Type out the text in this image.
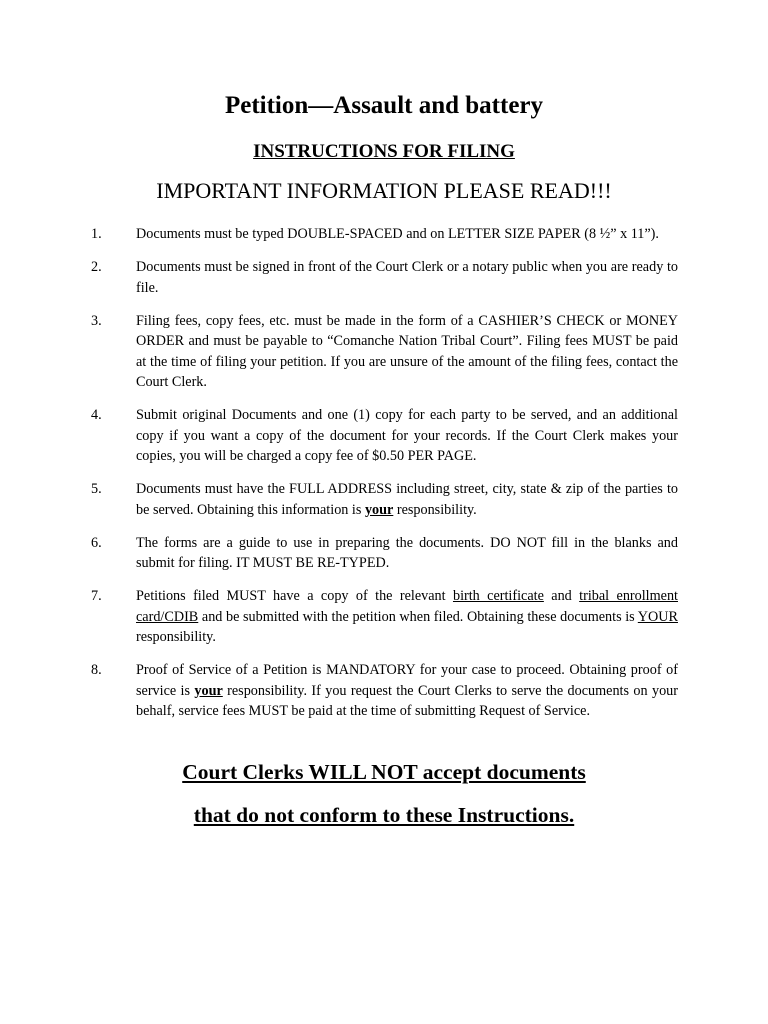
Petition—Assault and battery
INSTRUCTIONS FOR FILING

IMPORTANT INFORMATION PLEASE READ!!!

1.	Documents must be typed DOUBLE-SPACED and on LETTER SIZE PAPER (8 ½” x 11”).
2.	Documents must be signed in front of the Court Clerk or a notary public when you are ready to file.
3.	Filing fees, copy fees, etc. must be made in the form of a CASHIER’S CHECK or MONEY ORDER and must be payable to “Comanche Nation Tribal Court”. Filing fees MUST be paid at the time of filing your petition. If you are unsure of the amount of the filing fees, contact the Court Clerk.
4.	Submit original Documents and one (1) copy for each party to be served, and an additional copy if you want a copy of the document for your records. If the Court Clerk makes your copies, you will be charged a copy fee of $0.50 PER PAGE.
5.	Documents must have the FULL ADDRESS including street, city, state & zip of the parties to be served. Obtaining this information is your responsibility.
6.	The forms are a guide to use in preparing the documents. DO NOT fill in the blanks and submit for filing. IT MUST BE RE-TYPED.
7.	Petitions filed MUST have a copy of the relevant birth certificate and tribal enrollment card/CDIB and be submitted with the petition when filed. Obtaining these documents is YOUR responsibility.
8.	Proof of Service of a Petition is MANDATORY for your case to proceed. Obtaining proof of service is your responsibility. If you request the Court Clerks to serve the documents on your behalf, service fees MUST be paid at the time of submitting Request of Service.

Court Clerks WILL NOT accept documents

that do not conform to these Instructions.
